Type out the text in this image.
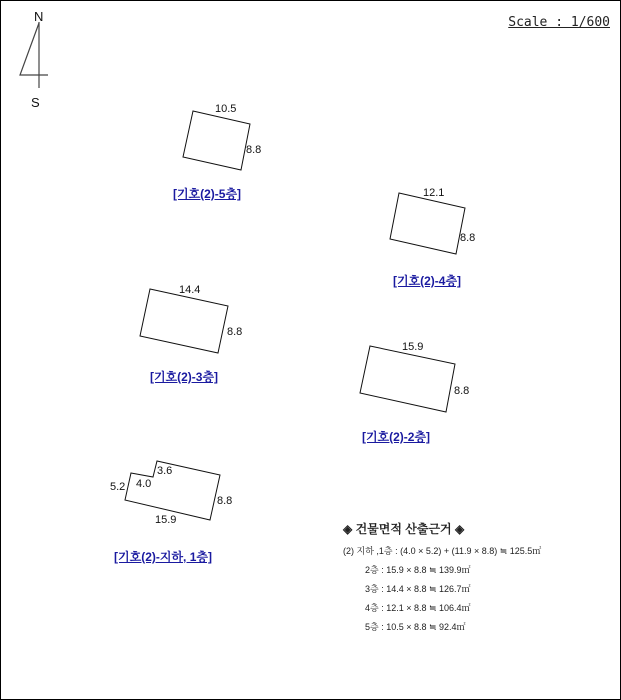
N
S	10.5
8.8
12.1
8.8
14.4
8.8
15.9
8.8
5.2 4.0
3.6
8.8
15.9
Scale : 1/600
[기호(2)-5층]
[기호(2)-4층]
[기호(2)-3층]
[기호(2)-2층]
[기호(2)-지하, 1층]
◈ 건물면적 산출근거 ◈
(2) 지하 ,1층 : (4.0 × 5.2) + (11.9 × 8.8) ≒ 125.5㎡
2층 : 15.9 × 8.8 ≒ 139.9㎡
3층 : 14.4 × 8.8 ≒ 126.7㎡
4층 : 12.1 × 8.8 ≒ 106.4㎡
5층 : 10.5 × 8.8 ≒ 92.4㎡
